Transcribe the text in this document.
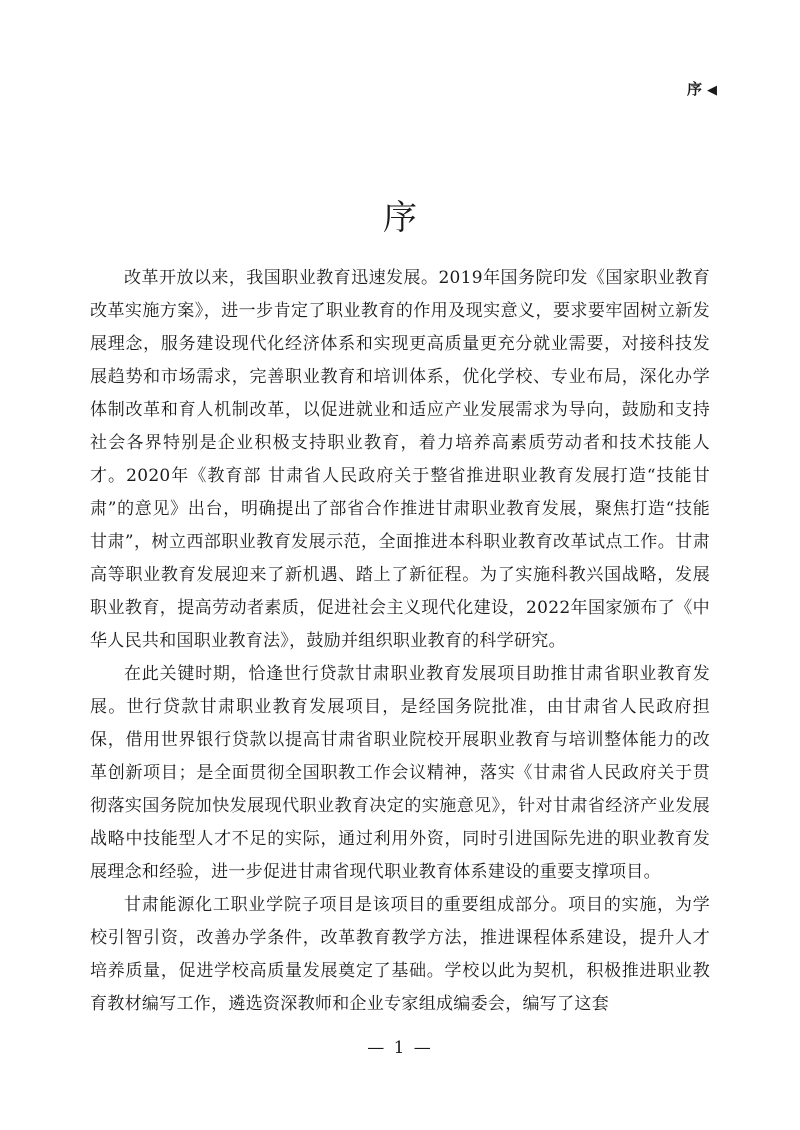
序 ◀
序

改革开放以来，我国职业教育迅速发展。2019年国务院印发《国家职业教育改革实施方案》，进一步肯定了职业教育的作用及现实意义，要求要牢固树立新发展理念，服务建设现代化经济体系和实现更高质量更充分就业需要，对接科技发展趋势和市场需求，完善职业教育和培训体系，优化学校、专业布局，深化办学体制改革和育人机制改革，以促进就业和适应产业发展需求为导向，鼓励和支持社会各界特别是企业积极支持职业教育，着力培养高素质劳动者和技术技能人才。2020年《教育部 甘肃省人民政府关于整省推进职业教育发展打造“技能甘肃”的意见》出台，明确提出了部省合作推进甘肃职业教育发展，聚焦打造“技能甘肃”，树立西部职业教育发展示范，全面推进本科职业教育改革试点工作。甘肃高等职业教育发展迎来了新机遇、踏上了新征程。为了实施科教兴国战略，发展职业教育，提高劳动者素质，促进社会主义现代化建设，2022年国家颁布了《中华人民共和国职业教育法》，鼓励并组织职业教育的科学研究。

在此关键时期，恰逢世行贷款甘肃职业教育发展项目助推甘肃省职业教育发展。世行贷款甘肃职业教育发展项目，是经国务院批准，由甘肃省人民政府担保，借用世界银行贷款以提高甘肃省职业院校开展职业教育与培训整体能力的改革创新项目；是全面贯彻全国职教工作会议精神，落实《甘肃省人民政府关于贯彻落实国务院加快发展现代职业教育决定的实施意见》，针对甘肃省经济产业发展战略中技能型人才不足的实际，通过利用外资，同时引进国际先进的职业教育发展理念和经验，进一步促进甘肃省现代职业教育体系建设的重要支撑项目。

甘肃能源化工职业学院子项目是该项目的重要组成部分。项目的实施，为学校引智引资，改善办学条件，改革教育教学方法，推进课程体系建设，提升人才培养质量，促进学校高质量发展奠定了基础。学校以此为契机，积极推进职业教育教材编写工作，遴选资深教师和企业专家组成编委会，编写了这套

— 1 —
